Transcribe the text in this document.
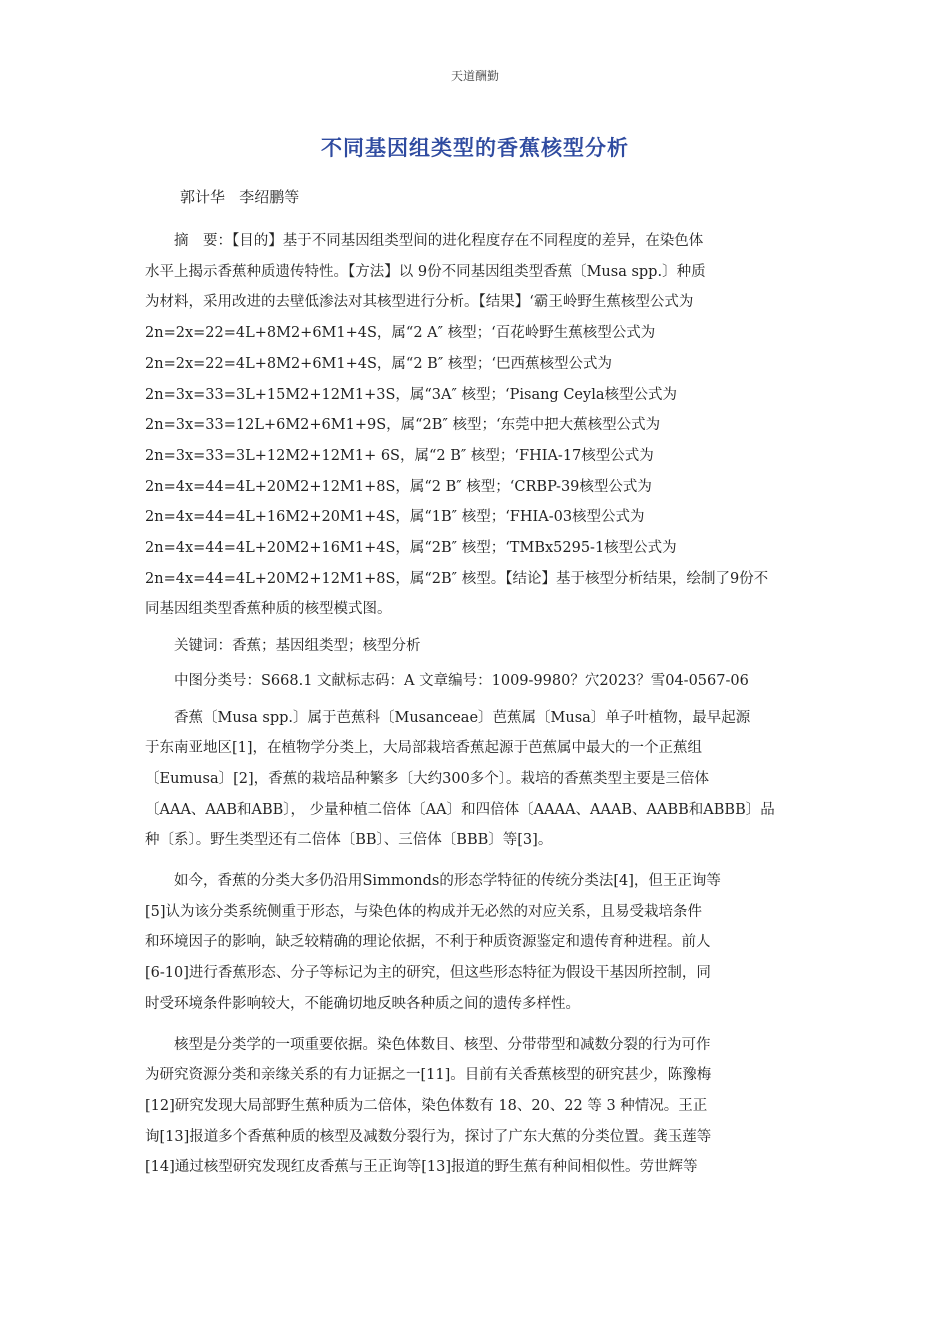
天道酬勤
不同基因组类型的香蕉核型分析
郭计华   李绍鹏等
摘　要：【目的】基于不同基因组类型间的进化程度存在不同程度的差异，在染色体
水平上揭示香蕉种质遗传特性。【方法】以 9份不同基因组类型香蕉〔Musa spp.〕种质
为材料，采用改进的去壁低渗法对其核型进行分析。【结果】‘霸王岭野生蕉核型公式为
2n=2x=22=4L+8M2+6M1+4S，属“2 A″ 核型；‘百花岭野生蕉核型公式为
2n=2x=22=4L+8M2+6M1+4S，属“2 B″ 核型；‘巴西蕉核型公式为
2n=3x=33=3L+15M2+12M1+3S，属“3A″ 核型；‘Pisang Ceyla核型公式为
2n=3x=33=12L+6M2+6M1+9S，属“2B″ 核型；‘东莞中把大蕉核型公式为
2n=3x=33=3L+12M2+12M1+ 6S，属“2 B″ 核型；‘FHIA-17核型公式为
2n=4x=44=4L+20M2+12M1+8S，属“2 B″ 核型；‘CRBP-39核型公式为
2n=4x=44=4L+16M2+20M1+4S，属“1B″ 核型；‘FHIA-03核型公式为
2n=4x=44=4L+20M2+16M1+4S，属“2B″ 核型；‘TMBx5295-1核型公式为
2n=4x=44=4L+20M2+12M1+8S，属“2B″ 核型。【结论】基于核型分析结果，绘制了9份不
同基因组类型香蕉种质的核型模式图。
关键词：香蕉；基因组类型；核型分析
中图分类号：S668.1 文献标志码：A 文章编号：1009-9980？穴2023？雪04-0567-06
香蕉〔Musa spp.〕属于芭蕉科〔Musanceae〕芭蕉属〔Musa〕单子叶植物，最早起源
于东南亚地区[1]，在植物学分类上，大局部栽培香蕉起源于芭蕉属中最大的一个正蕉组
〔Eumusa〕[2]，香蕉的栽培品种繁多〔大约300多个〕。栽培的香蕉类型主要是三倍体
〔AAA、AAB和ABB〕， 少量种植二倍体〔AA〕和四倍体〔AAAA、AAAB、AABB和ABBB〕品
种〔系〕。野生类型还有二倍体〔BB〕、三倍体〔BBB〕等[3]。
如今，香蕉的分类大多仍沿用Simmonds的形态学特征的传统分类法[4]，但王正询等
[5]认为该分类系统侧重于形态，与染色体的构成并无必然的对应关系，且易受栽培条件
和环境因子的影响，缺乏较精确的理论依据，不利于种质资源鉴定和遗传育种进程。前人
[6-10]进行香蕉形态、分子等标记为主的研究，但这些形态特征为假设干基因所控制，同
时受环境条件影响较大，不能确切地反映各种质之间的遗传多样性。
核型是分类学的一项重要依据。染色体数目、核型、分带带型和减数分裂的行为可作
为研究资源分类和亲缘关系的有力证据之一[11]。目前有关香蕉核型的研究甚少，陈豫梅
[12]研究发现大局部野生蕉种质为二倍体，染色体数有 18、20、22 等 3 种情况。王正
询[13]报道多个香蕉种质的核型及减数分裂行为，探讨了广东大蕉的分类位置。龚玉莲等
[14]通过核型研究发现红皮香蕉与王正询等[13]报道的野生蕉有种间相似性。劳世辉等
